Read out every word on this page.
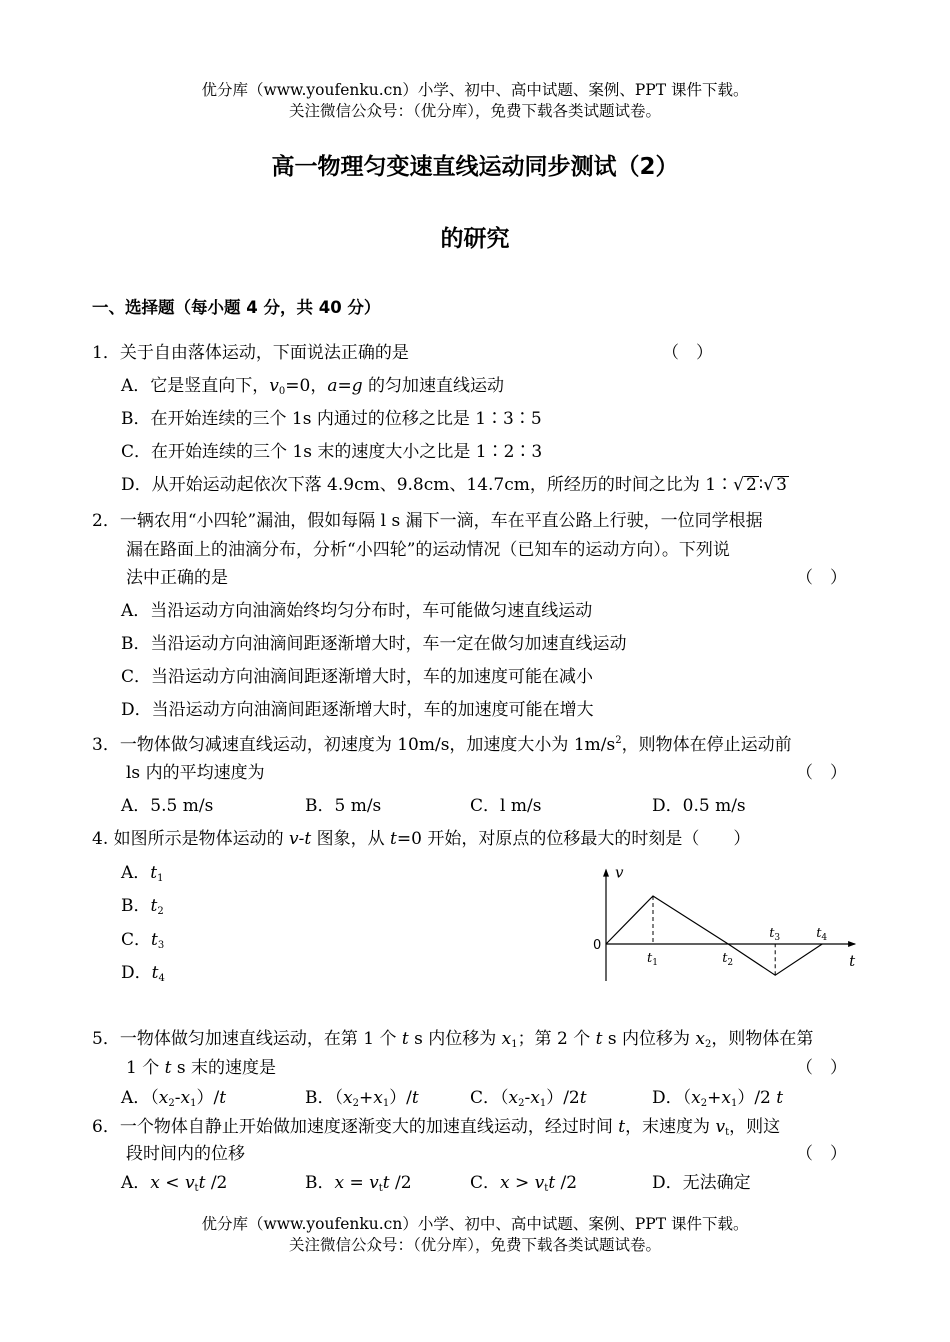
优分库（www.youfenku.cn）小学、初中、高中试题、案例、PPT 课件下载。
关注微信公众号：（优分库），免费下载各类试题试卷。
高一物理匀变速直线运动同步测试（2）
的研究
一、选择题（每小题 4 分，共 40 分）
1．关于自由落体运动，下面说法正确的是	（　）
A．它是竖直向下，$v_0=0$，a=g 的匀加速直线运动
B．在开始连续的三个 1s 内通过的位移之比是 1∶3∶5
C．在开始连续的三个 1s 末的速度大小之比是 1∶2∶3
D．从开始运动起依次下落 4.9cm、9.8cm、14.7cm，所经历的时间之比为 1∶√ 2 ∶√ 3
2．一辆农用“小四轮”漏油，假如每隔 l s 漏下一滴，车在平直公路上行驶，一位同学根据
漏在路面上的油滴分布，分析“小四轮”的运动情况（已知车的运动方向）。下列说
法中正确的是	（　）
A．当沿运动方向油滴始终均匀分布时，车可能做匀速直线运动
B．当沿运动方向油滴间距逐渐增大时，车一定在做匀加速直线运动
C．当沿运动方向油滴间距逐渐增大时，车的加速度可能在减小
D．当沿运动方向油滴间距逐渐增大时，车的加速度可能在增大
3．一物体做匀减速直线运动，初速度为 10m/s，加速度大小为 $1m/s^2$，则物体在停止运动前
ls 内的平均速度为	（　）
A．5.5 m/s	B．5 m/s	C．l m/s	D．0.5 m/s
4. 如图所示是物体运动的 v-t 图象，从 t=0 开始，对原点的位移最大的时刻是（　　）
A．$t_1$
B．$t_2$
C．$t_3$
D．$t_4$
t
v
0
$t_1$	$t_2$
$t_3$	$t_4$
5．一物体做匀加速直线运动，在第 1 个 t s 内位移为 $x_1$；第 2 个 t s 内位移为 $x_2$，则物体在第
1 个 t s 末的速度是	（　）
A．$(x_2-x_1)/t$	B．$(x_2+x_1)/t$	C．$(x_2-x_1)/2t$	D．$(x_2+x_1)/2$ t
6．一个物体自静止开始做加速度逐渐变大的加速直线运动，经过时间 t，末速度为 $v_t$，则这
段时间内的位移	（　）
A．$x < v_tt$ /2	B．$x = v_tt$ /2	C．$x > v_tt$ /2	D．无法确定
优分库（www.youfenku.cn）小学、初中、高中试题、案例、PPT 课件下载。
关注微信公众号：（优分库），免费下载各类试题试卷。
